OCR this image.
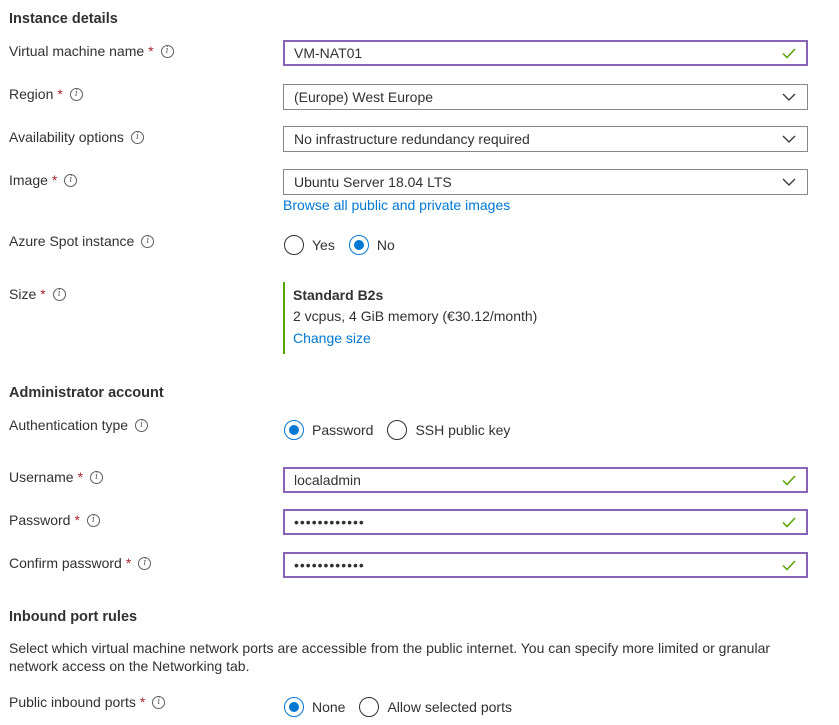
Instance details
Virtual machine name *	i	VM-NAT01
Region *	i	(Europe) West Europe
Availability options	i	No infrastructure redundancy required
Image *	i	Ubuntu Server 18.04 LTS
Browse all public and private images
Azure Spot instance	i	Yes	No
Size *	i	Standard B2s
2 vcpus, 4 GiB memory (€30.12/month)
Change size
Administrator account
Authentication type	i	Password	SSH public key
Username *	i	localadmin
Password *	i	••••••••••••
Confirm password *	i	••••••••••••
Inbound port rules
Select which virtual machine network ports are accessible from the public internet. You can specify more limited or granular network access on the Networking tab.
Public inbound ports *	i	None	Allow selected ports
